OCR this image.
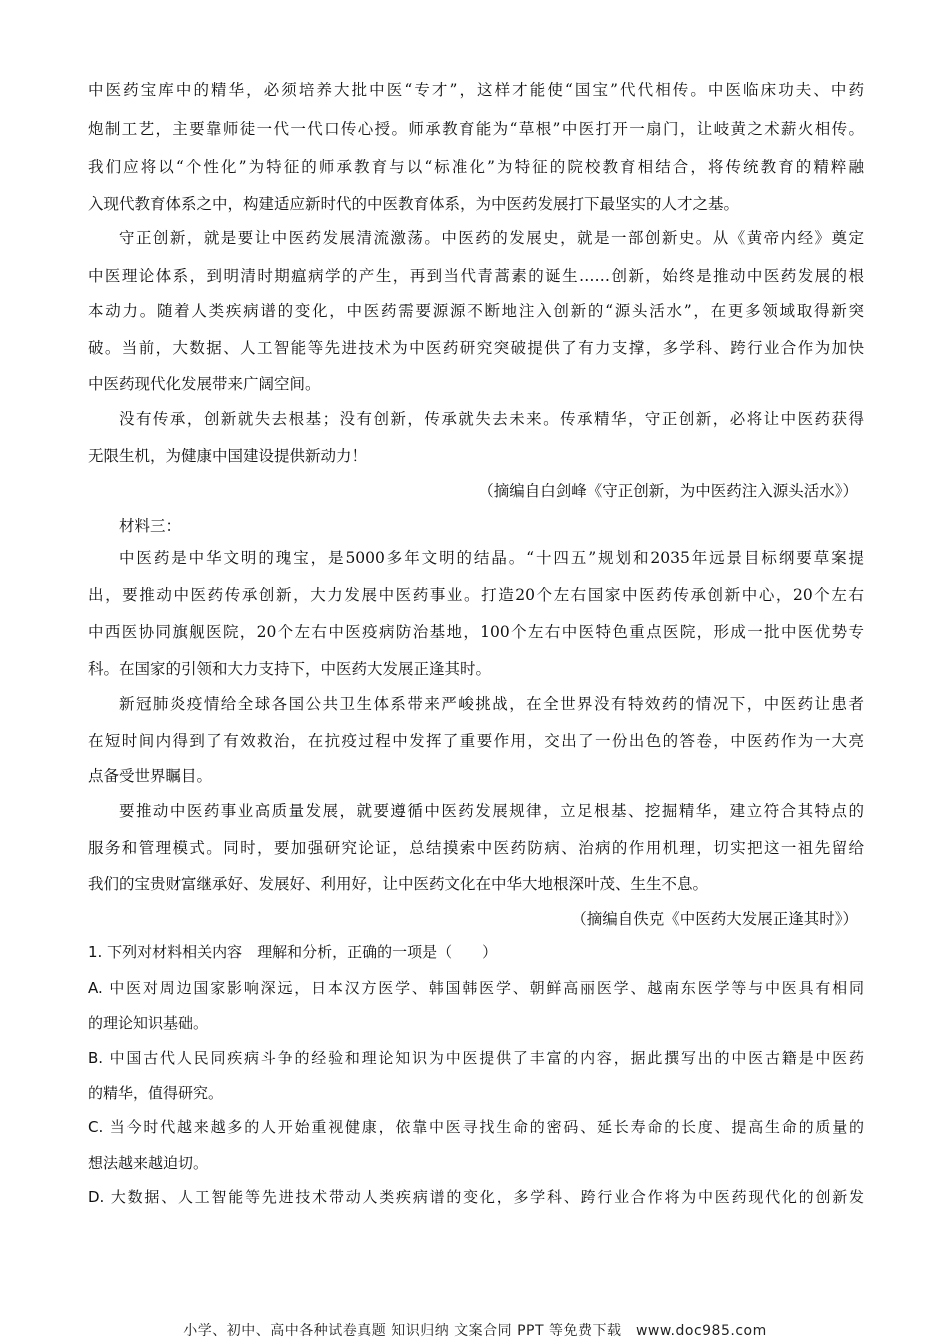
中医药宝库中的精华，必须培养大批中医“专才”，这样才能使“国宝”代代相传。中医临床功夫、中药
炮制工艺，主要靠师徒一代一代口传心授。师承教育能为“草根”中医打开一扇门，让岐黄之术薪火相传。
我们应将以“个性化”为特征的师承教育与以“标准化”为特征的院校教育相结合，将传统教育的精粹融
入现代教育体系之中，构建适应新时代的中医教育体系，为中医药发展打下最坚实的人才之基。
守正创新，就是要让中医药发展清流激荡。中医药的发展史，就是一部创新史。从《黄帝内经》奠定
中医理论体系，到明清时期瘟病学的产生，再到当代青蒿素的诞生……创新，始终是推动中医药发展的根
本动力。随着人类疾病谱的变化，中医药需要源源不断地注入创新的“源头活水”，在更多领域取得新突
破。当前，大数据、人工智能等先进技术为中医药研究突破提供了有力支撑，多学科、跨行业合作为加快
中医药现代化发展带来广阔空间。
没有传承，创新就失去根基；没有创新，传承就失去未来。传承精华，守正创新，必将让中医药获得
无限生机，为健康中国建设提供新动力！
（摘编自白剑峰《守正创新，为中医药注入源头活水》）
材料三：
中医药是中华文明的瑰宝，是5000多年文明的结晶。“十四五”规划和2035年远景目标纲要草案提
出，要推动中医药传承创新，大力发展中医药事业。打造20个左右国家中医药传承创新中心，20个左右
中西医协同旗舰医院，20个左右中医疫病防治基地，100个左右中医特色重点医院，形成一批中医优势专
科。在国家的引领和大力支持下，中医药大发展正逢其时。
新冠肺炎疫情给全球各国公共卫生体系带来严峻挑战，在全世界没有特效药的情况下，中医药让患者
在短时间内得到了有效救治，在抗疫过程中发挥了重要作用，交出了一份出色的答卷，中医药作为一大亮
点备受世界瞩目。
要推动中医药事业高质量发展，就要遵循中医药发展规律，立足根基、挖掘精华，建立符合其特点的
服务和管理模式。同时，要加强研究论证，总结摸索中医药防病、治病的作用机理，切实把这一祖先留给
我们的宝贵财富继承好、发展好、利用好，让中医药文化在中华大地根深叶茂、生生不息。
（摘编自佚克《中医药大发展正逢其时》）
1. 下列对材料相关内容　理解和分析，正确的一项是（　　）
A. 中医对周边国家影响深远，日本汉方医学、韩国韩医学、朝鲜高丽医学、越南东医学等与中医具有相同
的理论知识基础。
B. 中国古代人民同疾病斗争的经验和理论知识为中医提供了丰富的内容，据此撰写出的中医古籍是中医药
的精华，值得研究。
C. 当今时代越来越多的人开始重视健康，依靠中医寻找生命的密码、延长寿命的长度、提高生命的质量的
想法越来越迫切。
D. 大数据、人工智能等先进技术带动人类疾病谱的变化，多学科、跨行业合作将为中医药现代化的创新发
小学、初中、高中各种试卷真题 知识归纳 文案合同 PPT 等免费下载　www.doc985.com
